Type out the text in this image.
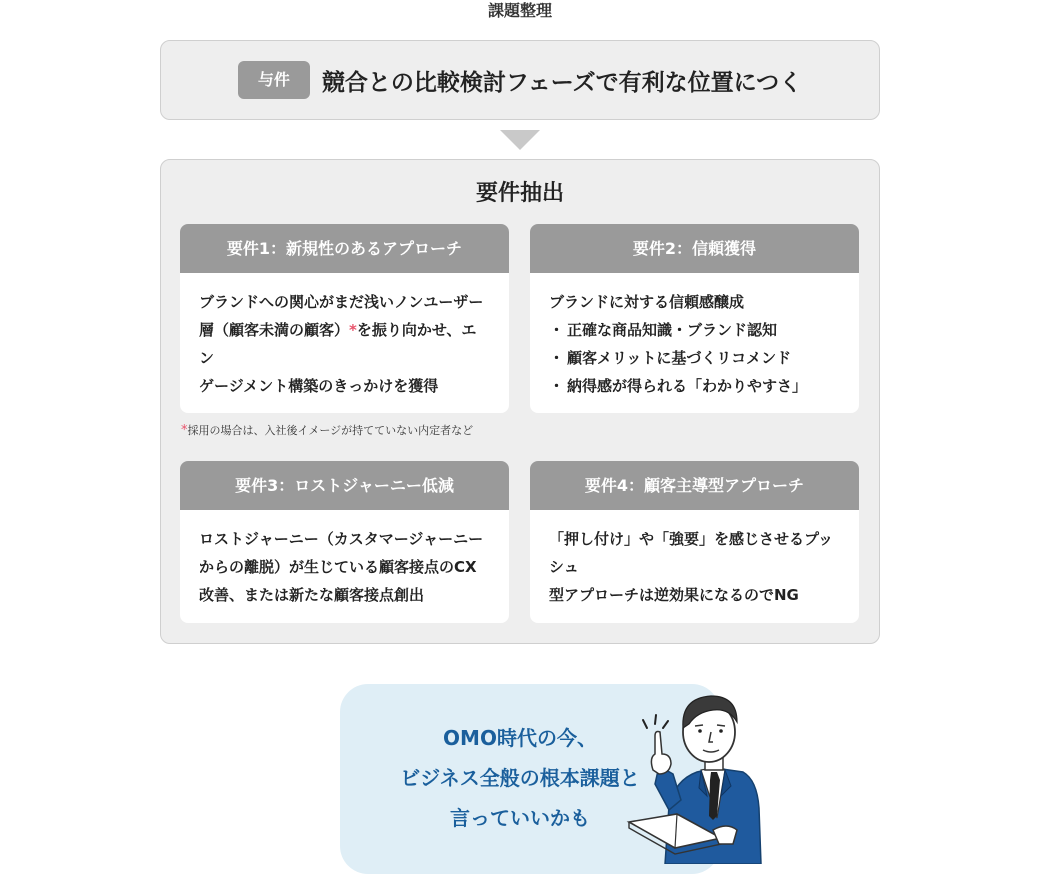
課題整理
与件	競合との比較検討フェーズで有利な位置につく
要件抽出
要件1：新規性のあるアプローチ

ブランドへの関心がまだ浅いノンユーザー

層（顧客未満の顧客）*を振り向かせ、エン

ゲージメント構築のきっかけを獲得

要件2：信頼獲得

ブランドに対する信頼感醸成

・ 正確な商品知識・ブランド認知
・ 顧客メリットに基づくリコメンド
・ 納得感が得られる「わかりやすさ」
*採用の場合は、入社後イメージが持てていない内定者など
要件3：ロストジャーニー低減

ロストジャーニー（カスタマージャーニー

からの離脱）が生じている顧客接点のCX

改善、または新たな顧客接点創出

要件4：顧客主導型アプローチ

「押し付け」や「強要」を感じさせるプッシュ

型アプローチは逆効果になるのでNG

OMO時代の今、
ビジネス全般の根本課題と
言っていいかも
